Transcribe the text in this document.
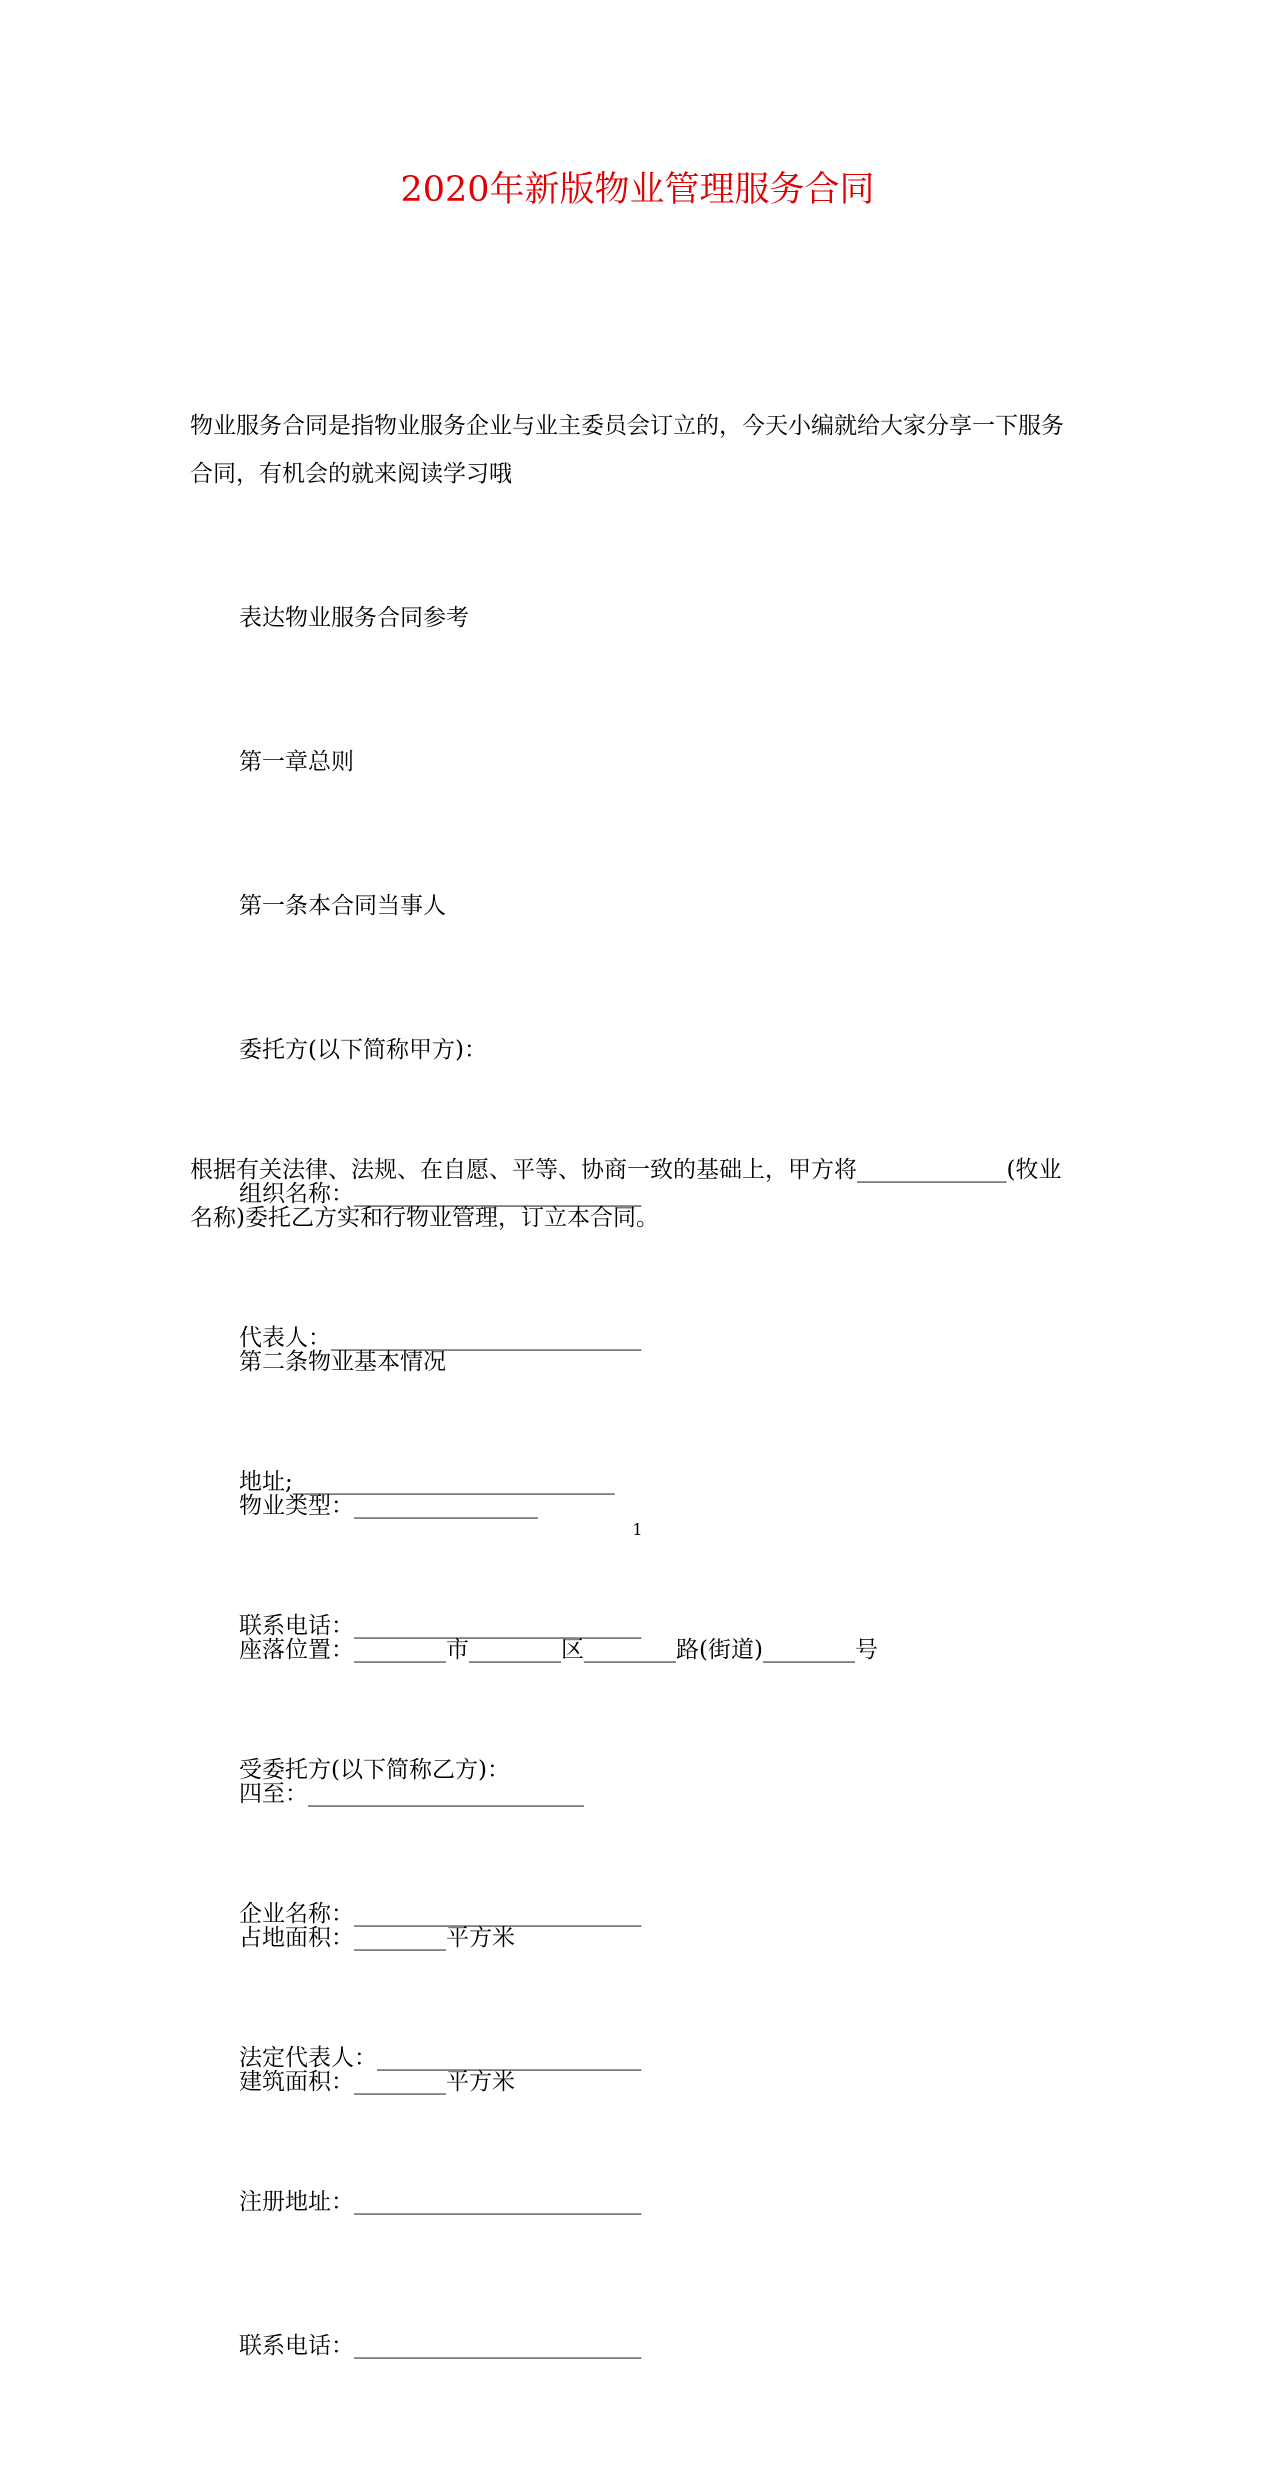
2020年新版物业管理服务合同

物业服务合同是指物业服务企业与业主委员会订立的，今天小编就给大家分享一下服务合同，有机会的就来阅读学习哦

表达物业服务合同参考

第一章总则

第一条本合同当事人

委托方(以下简称甲方)：

组织名称：_________________________

代表人：___________________________

地址;____________________________

联系电话：_________________________

受委托方(以下简称乙方)：

企业名称：_________________________

法定代表人：_______________________

注册地址：_________________________

联系电话：_________________________

根据有关法律、法规、在自愿、平等、协商一致的基础上，甲方将_____________(牧业名称)委托乙方实和行物业管理，订立本合同。

第二条物业基本情况

物业类型：________________

座落位置：________市________区________路(街道)________号

四至：________________________

占地面积：________平方米

建筑面积：________平方米

1
